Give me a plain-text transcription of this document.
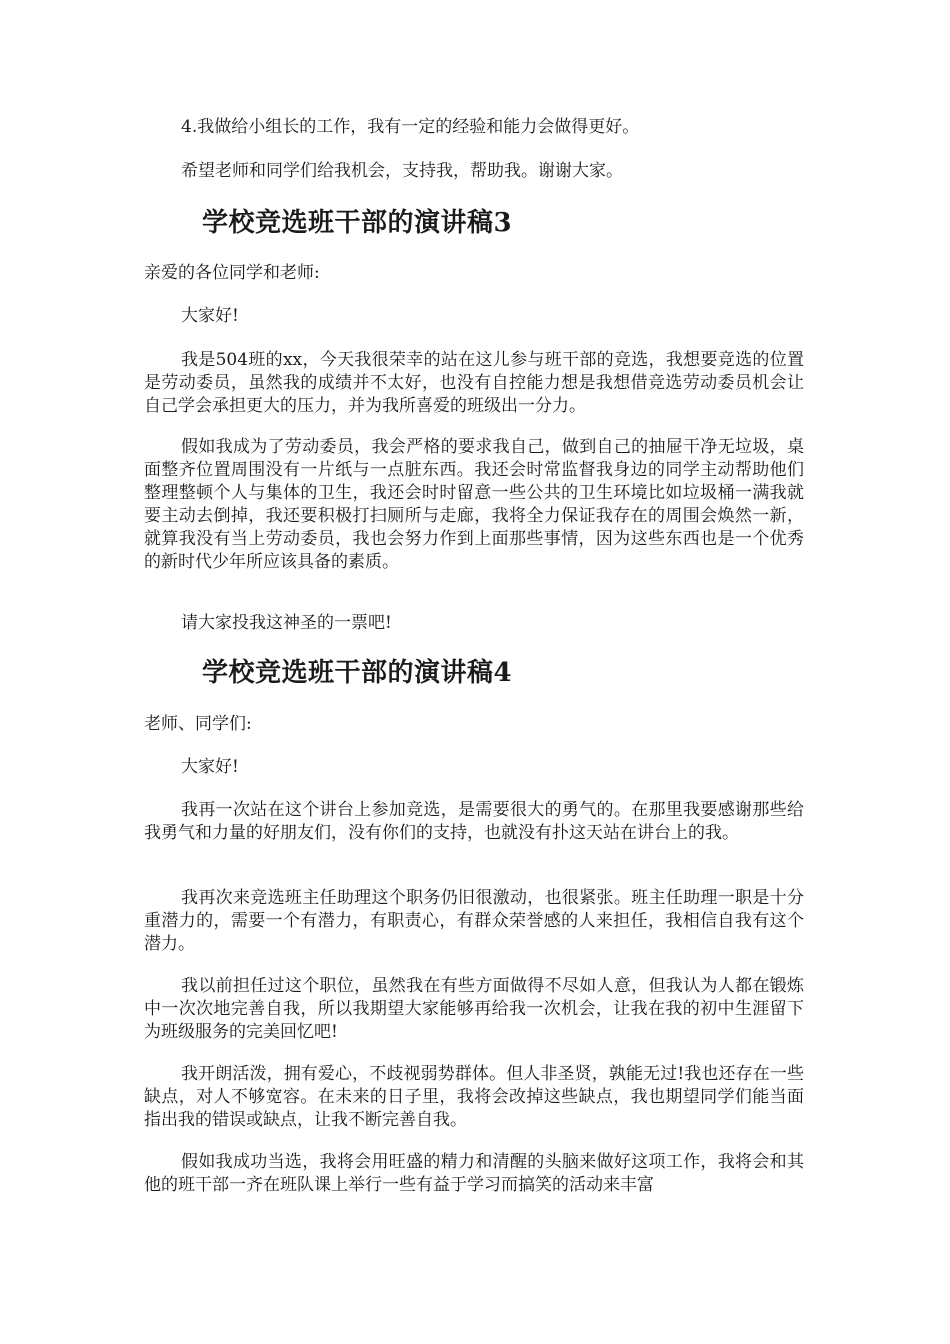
4.我做给小组长的工作，我有一定的经验和能力会做得更好。

希望老师和同学们给我机会，支持我，帮助我。谢谢大家。

学校竞选班干部的演讲稿3

亲爱的各位同学和老师:

大家好!

我是504班的xx，今天我很荣幸的站在这儿参与班干部的竞选，我想要竞选的位置是劳动委员，虽然我的成绩并不太好，也没有自控能力想是我想借竞选劳动委员机会让自己学会承担更大的压力，并为我所喜爱的班级出一分力。

假如我成为了劳动委员，我会严格的要求我自己，做到自己的抽屉干净无垃圾，桌面整齐位置周围没有一片纸与一点脏东西。我还会时常监督我身边的同学主动帮助他们整理整顿个人与集体的卫生，我还会时时留意一些公共的卫生环境比如垃圾桶一满我就要主动去倒掉，我还要积极打扫厕所与走廊，我将全力保证我存在的周围会焕然一新，就算我没有当上劳动委员，我也会努力作到上面那些事情，因为这些东西也是一个优秀的新时代少年所应该具备的素质。

请大家投我这神圣的一票吧!

学校竞选班干部的演讲稿4

老师、同学们:

大家好!

我再一次站在这个讲台上参加竞选，是需要很大的勇气的。在那里我要感谢那些给我勇气和力量的好朋友们，没有你们的支持，也就没有扑这天站在讲台上的我。

我再次来竞选班主任助理这个职务仍旧很激动，也很紧张。班主任助理一职是十分重潜力的，需要一个有潜力，有职责心，有群众荣誉感的人来担任，我相信自我有这个潜力。

我以前担任过这个职位，虽然我在有些方面做得不尽如人意，但我认为人都在锻炼中一次次地完善自我，所以我期望大家能够再给我一次机会，让我在我的初中生涯留下为班级服务的完美回忆吧!

我开朗活泼，拥有爱心，不歧视弱势群体。但人非圣贤，孰能无过!我也还存在一些缺点，对人不够宽容。在未来的日子里，我将会改掉这些缺点，我也期望同学们能当面指出我的错误或缺点，让我不断完善自我。

假如我成功当选，我将会用旺盛的精力和清醒的头脑来做好这项工作，我将会和其他的班干部一齐在班队课上举行一些有益于学习而搞笑的活动来丰富
